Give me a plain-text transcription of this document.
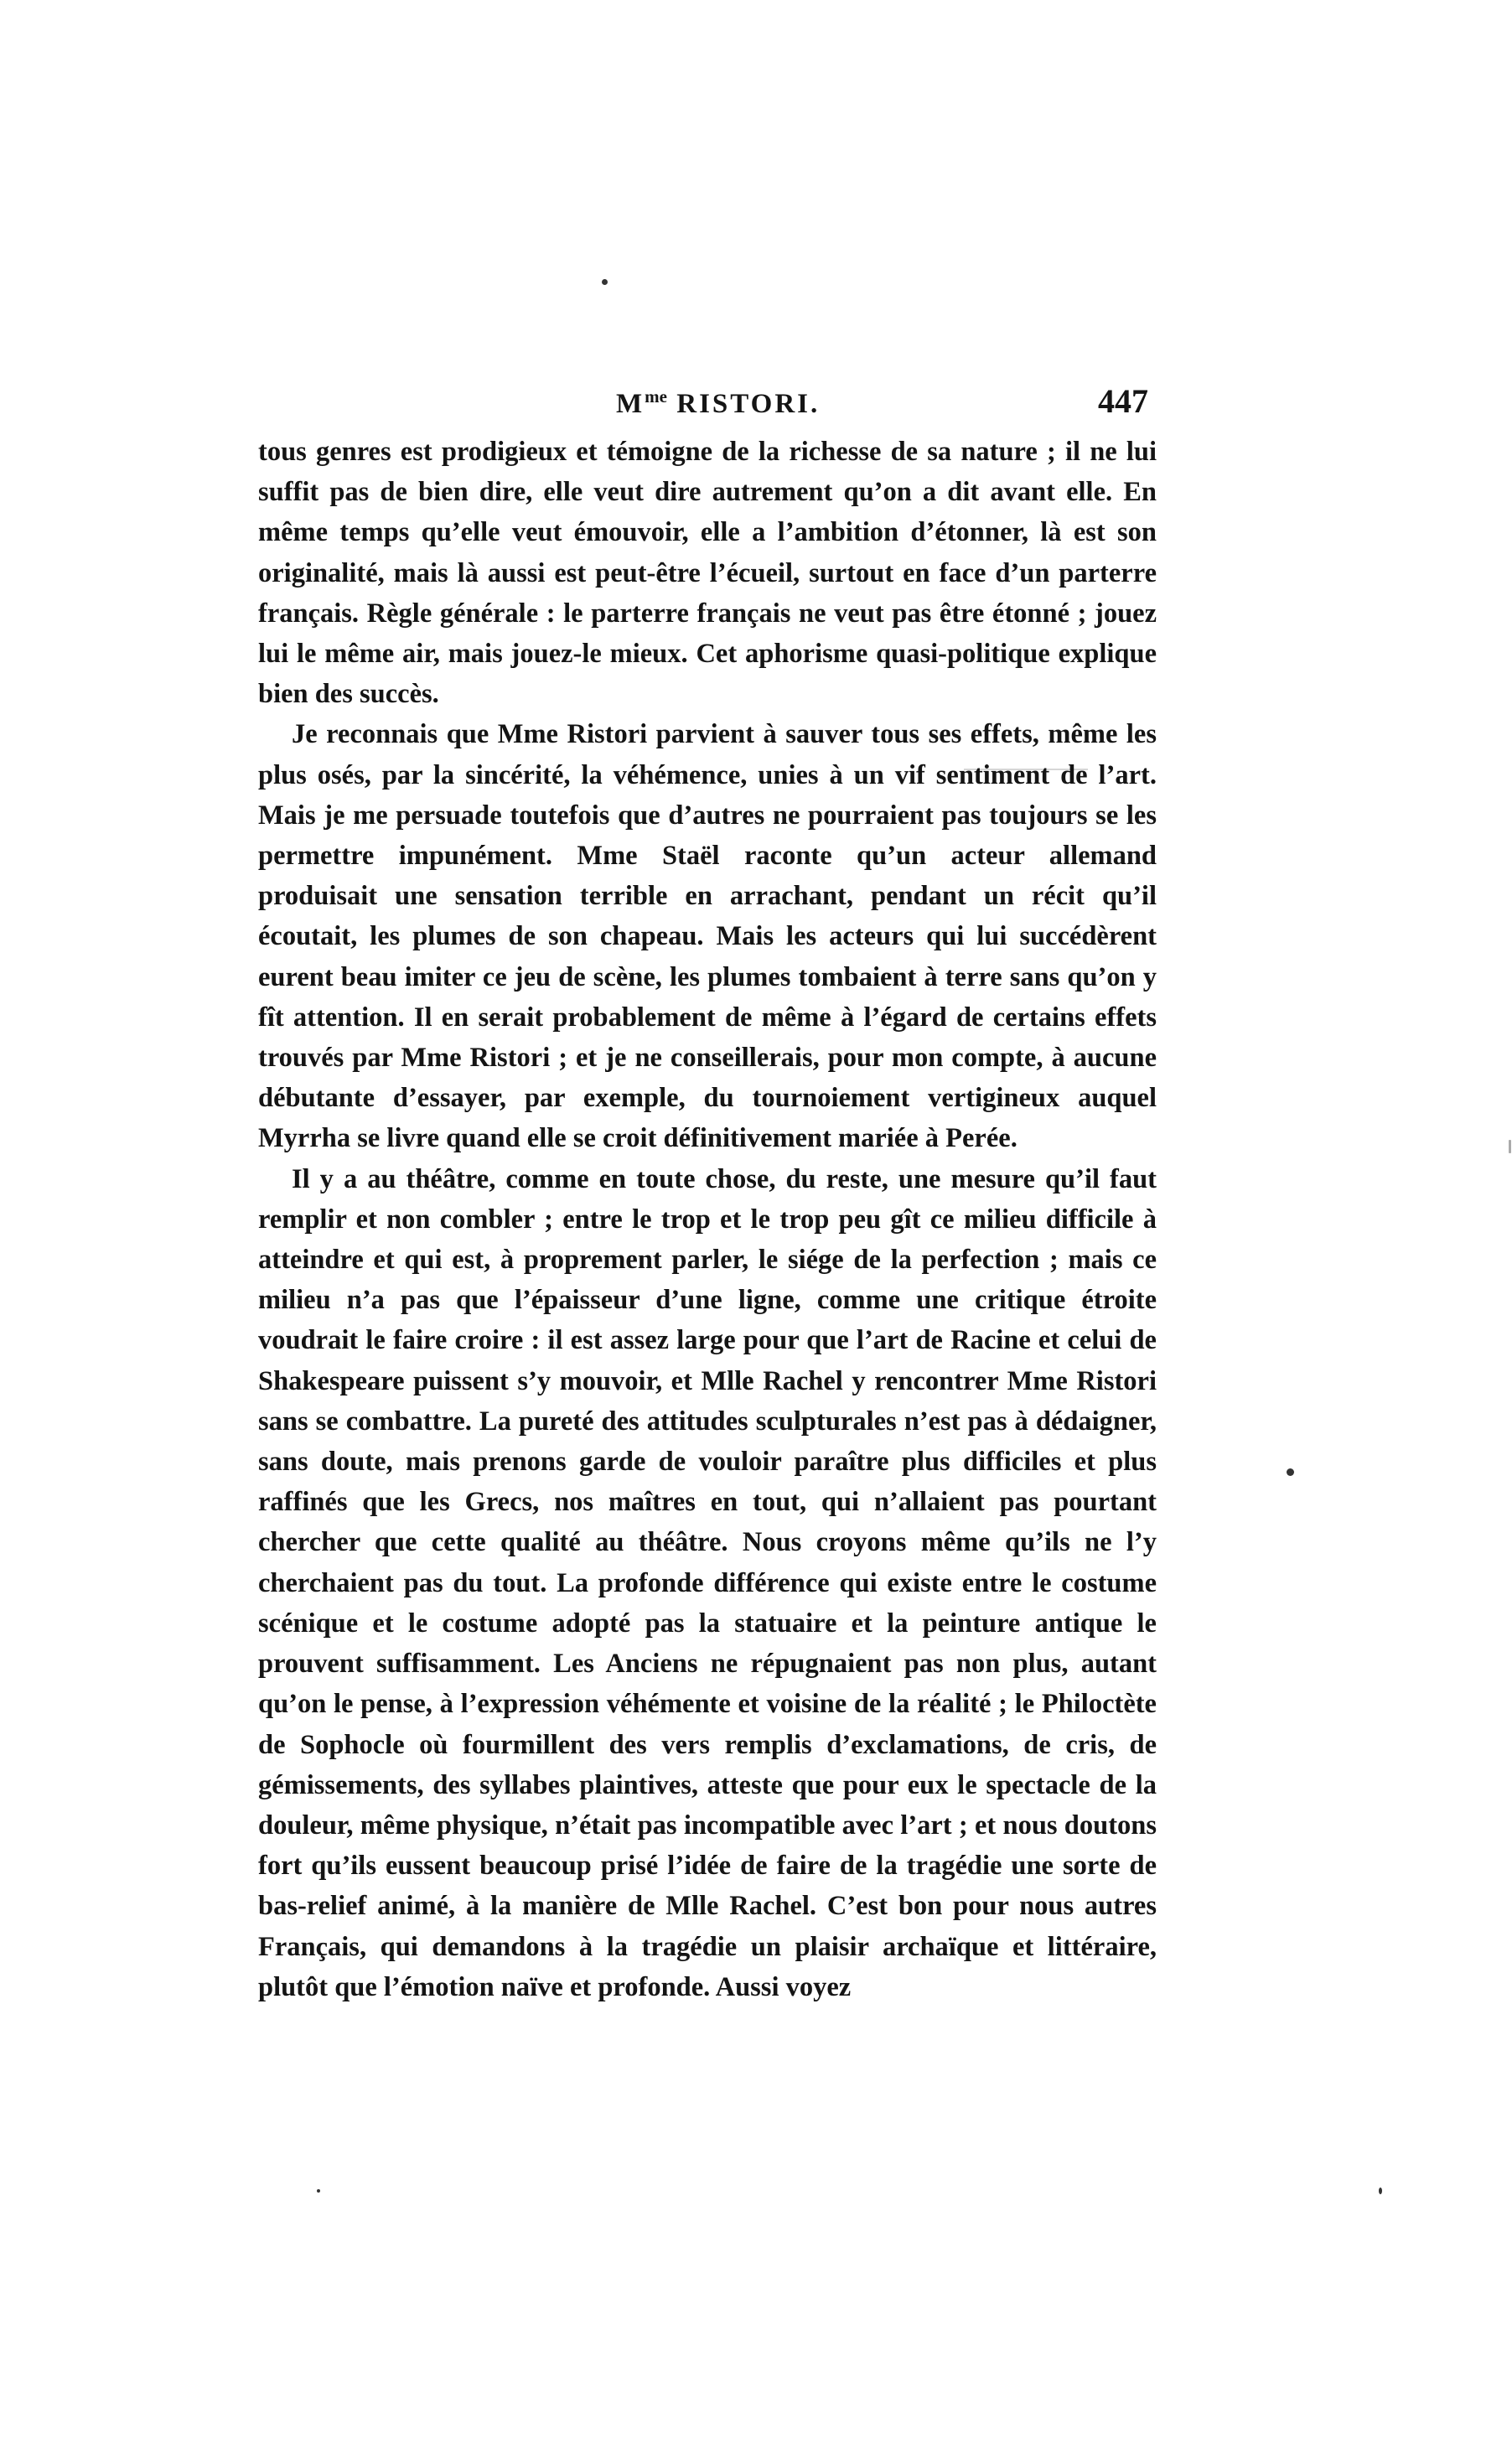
$M^{me}$ RISTORI.	447

tous genres est prodigieux et témoigne de la richesse de sa nature ; il ne lui suffit pas de bien dire, elle veut dire autrement qu’on a dit avant elle. En même temps qu’elle veut émouvoir, elle a l’ambition d’étonner, là est son originalité, mais là aussi est peut-être l’écueil, surtout en face d’un parterre français. Règle générale : le parterre français ne veut pas être étonné ; jouez lui le même air, mais jouez-le mieux. Cet aphorisme quasi-politique explique bien des succès.

Je reconnais que Mme Ristori parvient à sauver tous ses effets, même les plus osés, par la sincérité, la véhémence, unies à un vif sentiment de l’art. Mais je me persuade toutefois que d’autres ne pourraient pas toujours se les permettre impunément. Mme Staël raconte qu’un acteur allemand produisait une sensation terrible en arrachant, pendant un récit qu’il écoutait, les plumes de son chapeau. Mais les acteurs qui lui succédèrent eurent beau imiter ce jeu de scène, les plumes tombaient à terre sans qu’on y fît attention. Il en serait probablement de même à l’égard de certains effets trouvés par Mme Ristori ; et je ne conseillerais, pour mon compte, à aucune débutante d’essayer, par exemple, du tournoiement vertigineux auquel Myrrha se livre quand elle se croit définitivement mariée à Perée.

Il y a au théâtre, comme en toute chose, du reste, une mesure qu’il faut remplir et non combler ; entre le trop et le trop peu gît ce milieu difficile à atteindre et qui est, à proprement parler, le siége de la perfection ; mais ce milieu n’a pas que l’épaisseur d’une ligne, comme une critique étroite voudrait le faire croire : il est assez large pour que l’art de Racine et celui de Shakespeare puissent s’y mouvoir, et Mlle Rachel y rencontrer Mme Ristori sans se combattre. La pureté des attitudes sculpturales n’est pas à dédaigner, sans doute, mais prenons garde de vouloir paraître plus difficiles et plus raffinés que les Grecs, nos maîtres en tout, qui n’allaient pas pourtant chercher que cette qualité au théâtre. Nous croyons même qu’ils ne l’y cherchaient pas du tout. La profonde différence qui existe entre le costume scénique et le costume adopté pas la statuaire et la peinture antique le prouvent suffisamment. Les Anciens ne répugnaient pas non plus, autant qu’on le pense, à l’expression véhémente et voisine de la réalité ; le Philoctète de Sophocle où fourmillent des vers remplis d’exclamations, de cris, de gémissements, des syllabes plaintives, atteste que pour eux le spectacle de la douleur, même physique, n’était pas incompatible avec l’art ; et nous doutons fort qu’ils eussent beaucoup prisé l’idée de faire de la tragédie une sorte de bas-relief animé, à la manière de Mlle Rachel. C’est bon pour nous autres Français, qui demandons à la tragédie un plaisir archaïque et littéraire, plutôt que l’émotion naïve et profonde. Aussi voyez
